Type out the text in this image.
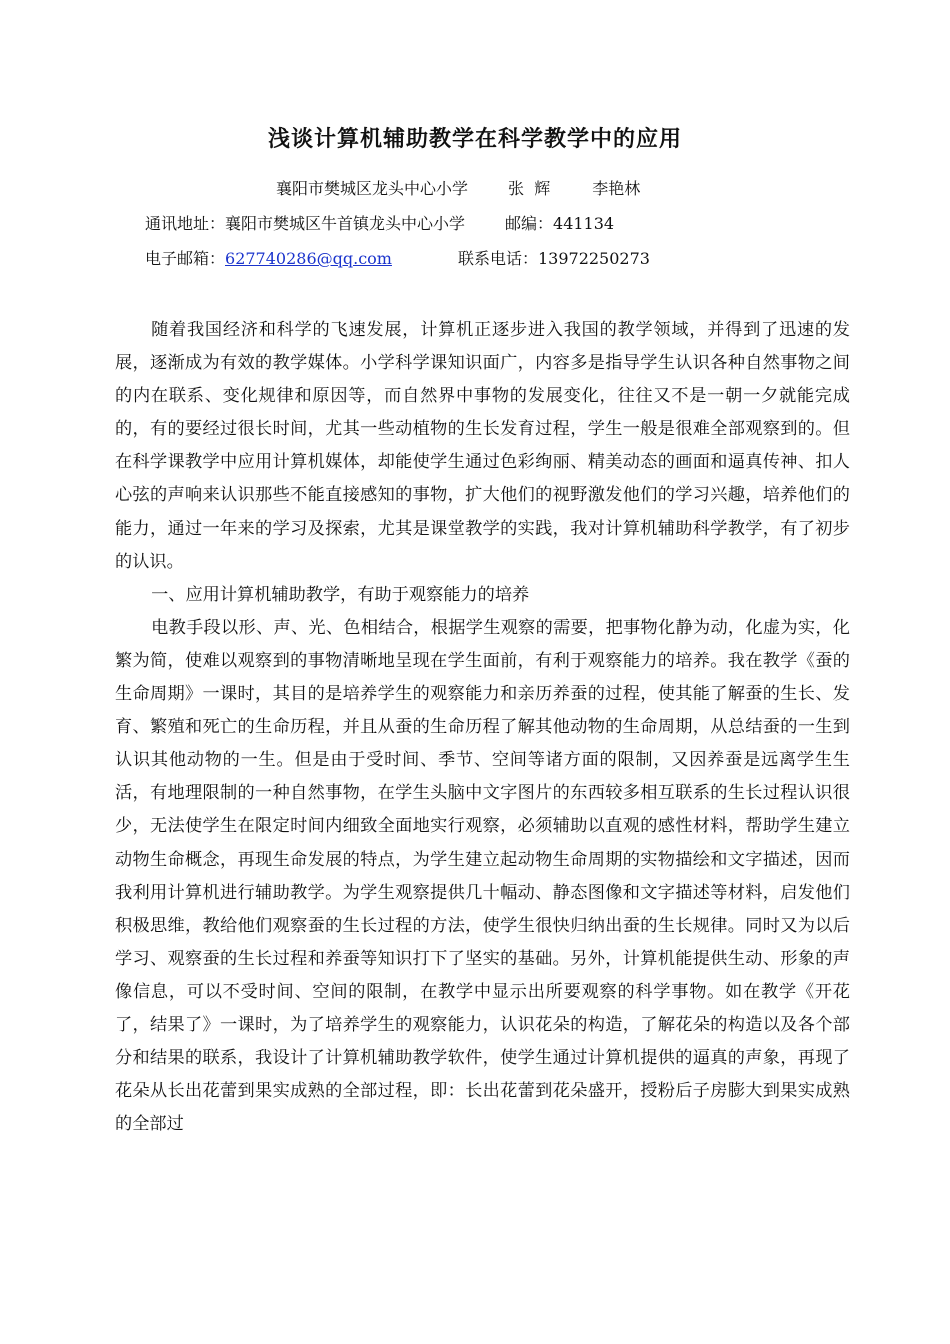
浅谈计算机辅助教学在科学教学中的应用
襄阳市樊城区龙头中心小学	张  辉	李艳林
通讯地址：襄阳市樊城区牛首镇龙头中心小学	邮编：441134
电子邮箱：627740286@qq.com	联系电话：13972250273

随着我国经济和科学的飞速发展，计算机正逐步进入我国的教学领域，并得到了迅速的发展，逐渐成为有效的教学媒体。小学科学课知识面广，内容多是指导学生认识各种自然事物之间的内在联系、变化规律和原因等，而自然界中事物的发展变化，往往又不是一朝一夕就能完成的，有的要经过很长时间，尤其一些动植物的生长发育过程，学生一般是很难全部观察到的。但在科学课教学中应用计算机媒体，却能使学生通过色彩绚丽、精美动态的画面和逼真传神、扣人心弦的声响来认识那些不能直接感知的事物，扩大他们的视野激发他们的学习兴趣，培养他们的能力，通过一年来的学习及探索，尤其是课堂教学的实践，我对计算机辅助科学教学，有了初步的认识。

一、应用计算机辅助教学，有助于观察能力的培养

电教手段以形、声、光、色相结合，根据学生观察的需要，把事物化静为动，化虚为实，化繁为简，使难以观察到的事物清晰地呈现在学生面前，有利于观察能力的培养。我在教学《蚕的生命周期》一课时，其目的是培养学生的观察能力和亲历养蚕的过程，使其能了解蚕的生长、发育、繁殖和死亡的生命历程，并且从蚕的生命历程了解其他动物的生命周期，从总结蚕的一生到认识其他动物的一生。但是由于受时间、季节、空间等诸方面的限制，又因养蚕是远离学生生活，有地理限制的一种自然事物，在学生头脑中文字图片的东西较多相互联系的生长过程认识很少，无法使学生在限定时间内细致全面地实行观察，必须辅助以直观的感性材料，帮助学生建立动物生命概念，再现生命发展的特点，为学生建立起动物生命周期的实物描绘和文字描述，因而我利用计算机进行辅助教学。为学生观察提供几十幅动、静态图像和文字描述等材料，启发他们积极思维，教给他们观察蚕的生长过程的方法，使学生很快归纳出蚕的生长规律。同时又为以后学习、观察蚕的生长过程和养蚕等知识打下了坚实的基础。另外，计算机能提供生动、形象的声像信息，可以不受时间、空间的限制，在教学中显示出所要观察的科学事物。如在教学《开花了，结果了》一课时，为了培养学生的观察能力，认识花朵的构造，了解花朵的构造以及各个部分和结果的联系，我设计了计算机辅助教学软件，使学生通过计算机提供的逼真的声象，再现了花朵从长出花蕾到果实成熟的全部过程，即：长出花蕾到花朵盛开，授粉后子房膨大到果实成熟的全部过
